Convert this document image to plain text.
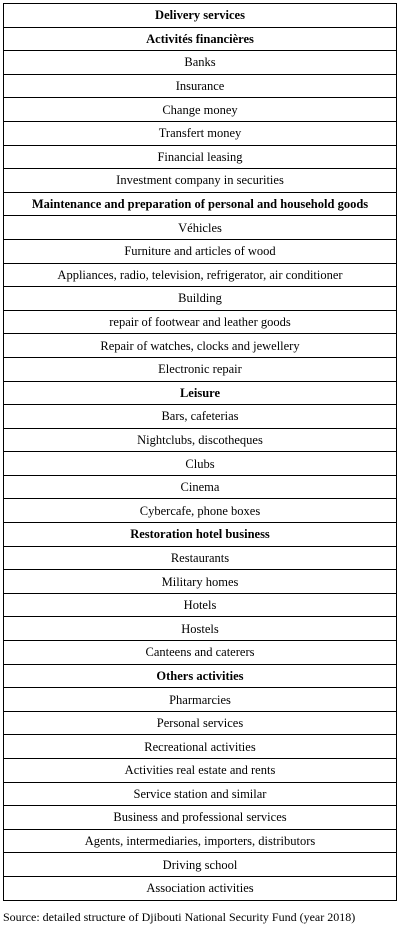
Delivery services
Activités financières
Banks
Insurance
Change money
Transfert money
Financial leasing
Investment company in securities
Maintenance and preparation of personal and household goods
Véhicles
Furniture and articles of wood
Appliances, radio, television, refrigerator, air conditioner
Building
repair of footwear and leather goods
Repair of watches, clocks and jewellery
Electronic repair
Leisure
Bars, cafeterias
Nightclubs, discotheques
Clubs
Cinema
Cybercafe, phone boxes
Restoration hotel business
Restaurants
Military homes
Hotels
Hostels
Canteens and caterers
Others activities
Pharmarcies
Personal services
Recreational activities
Activities real estate and rents
Service station and similar
Business and professional services
Agents, intermediaries, importers, distributors
Driving school
Association activities
Source: detailed structure of Djibouti National Security Fund (year 2018)
